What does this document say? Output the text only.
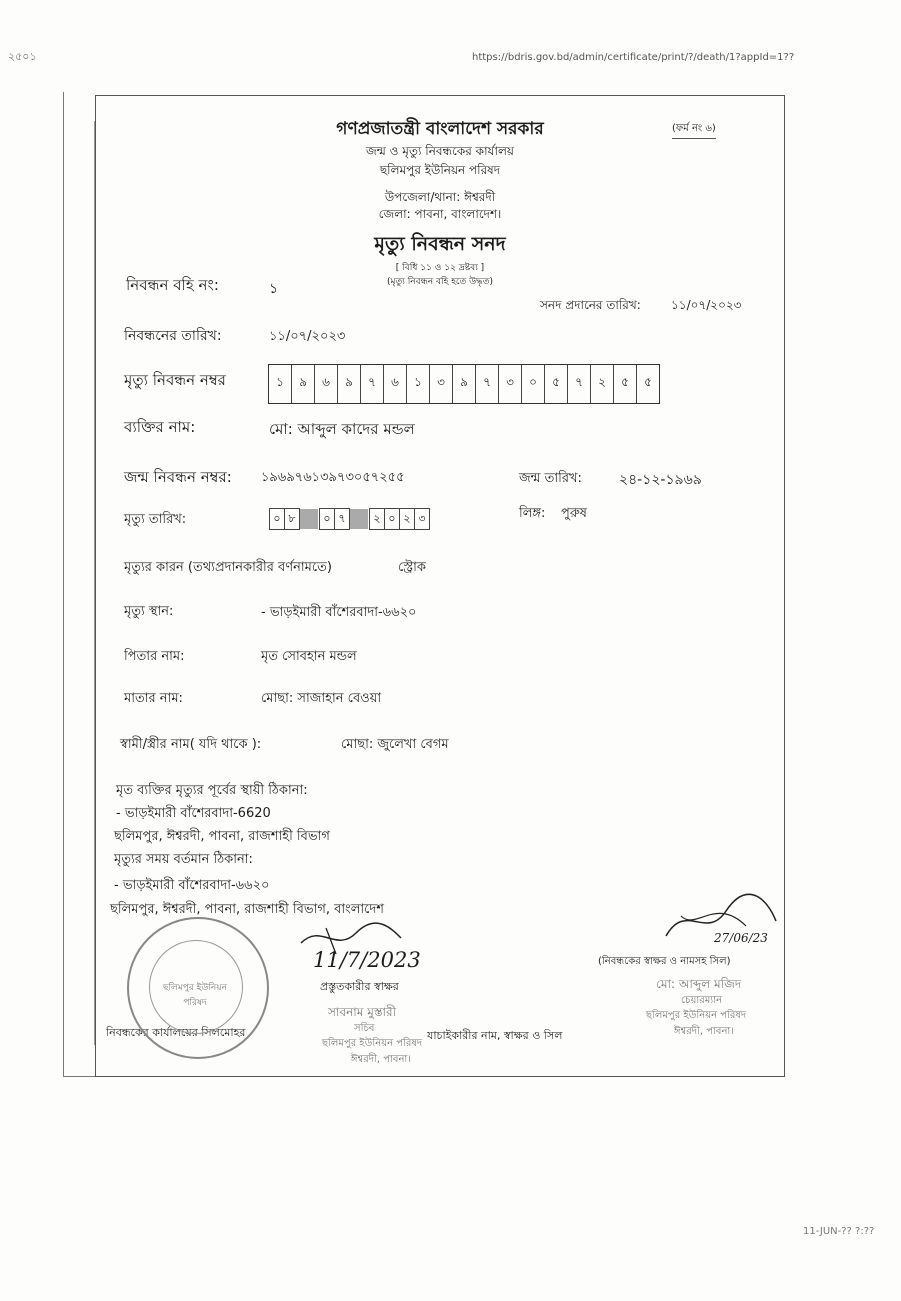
২৫০১	https://bdris.gov.bd/admin/certificate/print/?/death/1?appId=1??
11-JUN-?? ?:??
গণপ্রজাতন্ত্রী বাংলাদেশ সরকার	(ফর্ম নং ৬)
জন্ম ও মৃত্যু নিবন্ধকের কার্যালয়
ছলিমপুর ইউনিয়ন পরিষদ
উপজেলা/থানা: ঈশ্বরদী
জেলা: পাবনা, বাংলাদেশ।
মৃত্যু নিবন্ধন সনদ
[ বিধি ১১ ও ১২ দ্রষ্টব্য ]
(মৃত্যু নিবন্ধন বহি হতে উদ্ধৃত)
নিবন্ধন বহি নং:	১
সনদ প্রদানের তারিখ:	১১/০৭/২০২৩
নিবন্ধনের তারিখ:	১১/০৭/২০২৩
মৃত্যু নিবন্ধন নম্বর	১	৯	৬	৯	৭	৬	১	৩	৯	৭	৩	০	৫	৭	২	৫	৫
ব্যক্তির নাম:	মো: আব্দুল কাদের মন্ডল
জন্ম নিবন্ধন নম্বর: ১৯৬৯৭৬১৩৯৭৩০৫৭২৫৫	জন্ম তারিখ:	২৪-১২-১৯৬৯
মৃত্যু তারিখ:	০ ৮	০ ৭	২ ০ ২ ৩	লিঙ্গ: পুরুষ
মৃত্যুর কারন (তথ্যপ্রদানকারীর বর্ণনামতে)	স্ট্রোক
মৃত্যু স্থান:	- ভাড়ইমারী বাঁশেরবাদা-৬৬২০
পিতার নাম:	মৃত সোবহান মন্ডল
মাতার নাম:	মোছা: সাজাহান বেওয়া
স্বামী/স্ত্রীর নাম( যদি থাকে ):	মোছা: জুলেখা বেগম
মৃত ব্যক্তির মৃত্যুর পূর্বের স্থায়ী ঠিকানা:
- ভাড়ইমারী বাঁশেরবাদা-6620
ছলিমপুর, ঈশ্বরদী, পাবনা, রাজশাহী বিভাগ
মৃত্যুর সময় বর্তমান ঠিকানা:
- ভাড়ইমারী বাঁশেরবাদা-৬৬২০
ছলিমপুর, ঈশ্বরদী, পাবনা, রাজশাহী বিভাগ, বাংলাদেশ
11/7/2023
প্রস্তুতকারীর স্বাক্ষর
সাবনাম মুস্তারী
সচিব
ছলিমপুর ইউনিয়ন পরিষদ
ঈশ্বরদী, পাবনা।
নিবন্ধকের কার্যালয়ের সিলমোহর	যাচাইকারীর নাম, স্বাক্ষর ও সিল
27/06/23
(নিবন্ধকের স্বাক্ষর ও নামসহ সিল)
মো: আব্দুল মজিদ
চেয়ারম্যান
ছলিমপুর ইউনিয়ন পরিষদ
ঈশ্বরদী, পাবনা।
ছলিমপুর ইউনিয়ন পরিষদ
